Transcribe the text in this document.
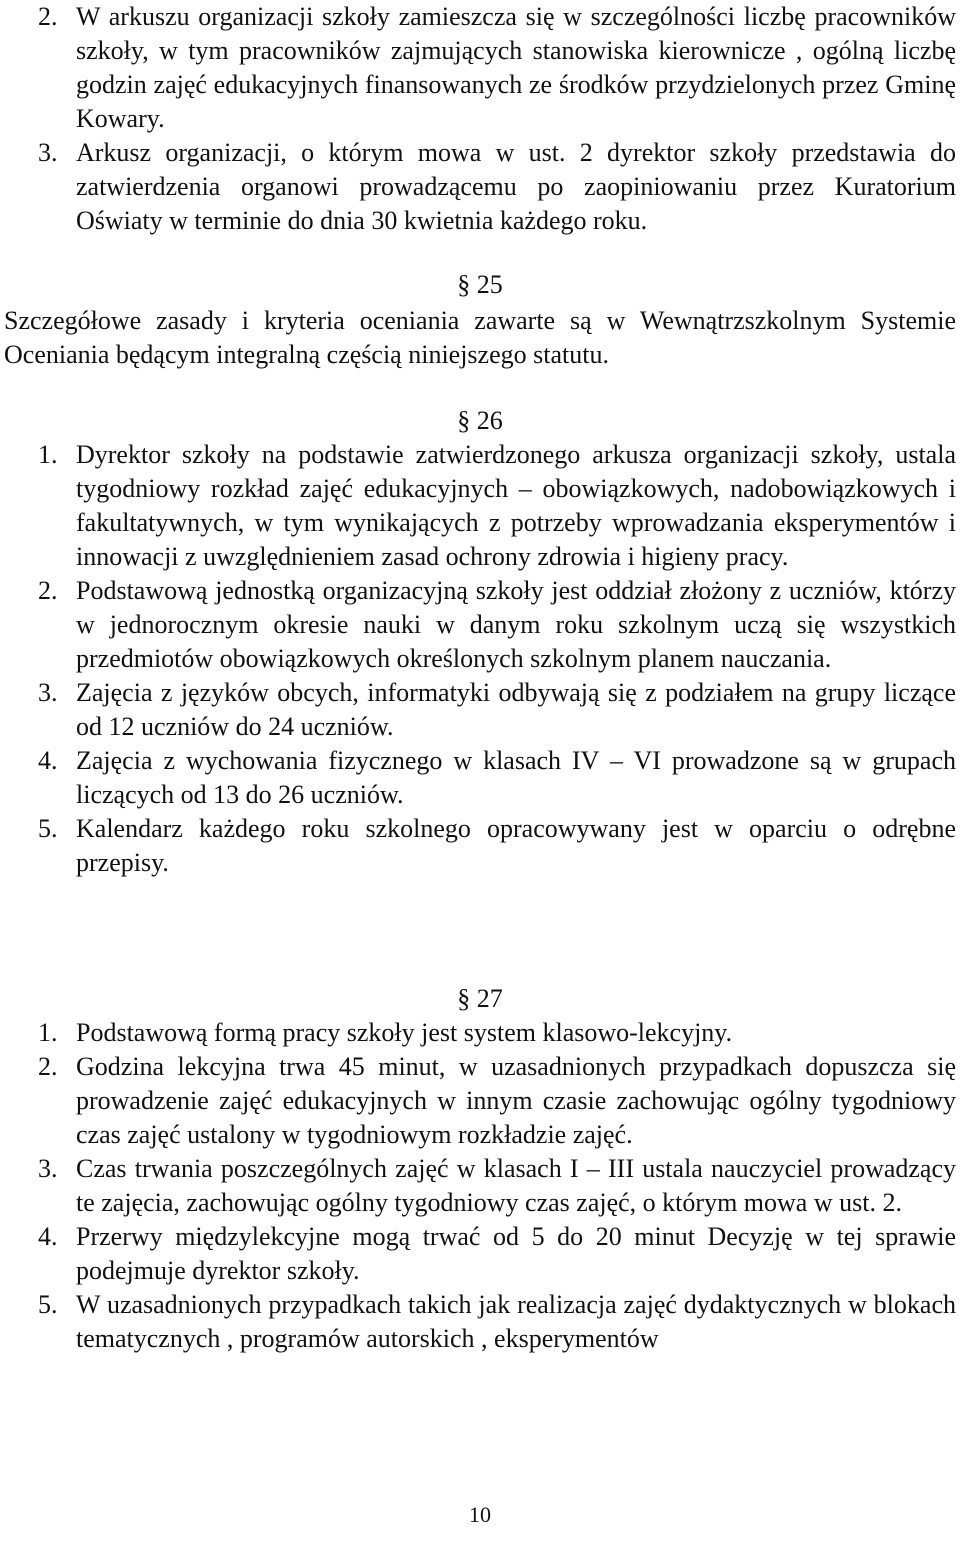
2. W arkuszu organizacji szkoły zamieszcza się w szczególności liczbę pracowników szkoły, w tym pracowników zajmujących stanowiska kierownicze , ogólną liczbę godzin zajęć edukacyjnych finansowanych ze środków przydzielonych przez Gminę Kowary.
3. Arkusz organizacji, o którym mowa w ust. 2 dyrektor szkoły przedstawia do zatwierdzenia organowi prowadzącemu po zaopiniowaniu przez Kuratorium Oświaty w terminie do dnia 30 kwietnia każdego roku.
§ 25
Szczegółowe zasady i kryteria oceniania zawarte są w Wewnątrzszkolnym Systemie Oceniania będącym integralną częścią niniejszego statutu.
§ 26
1. Dyrektor szkoły na podstawie zatwierdzonego arkusza organizacji szkoły, ustala tygodniowy rozkład zajęć edukacyjnych – obowiązkowych, nadobowiązkowych i fakultatywnych, w tym wynikających z potrzeby wprowadzania eksperymentów i innowacji z uwzględnieniem zasad ochrony zdrowia i higieny pracy.
2. Podstawową jednostką organizacyjną szkoły jest oddział złożony z uczniów, którzy w jednorocznym okresie nauki w danym roku szkolnym uczą się wszystkich przedmiotów obowiązkowych określonych szkolnym planem nauczania.
3. Zajęcia z języków obcych, informatyki odbywają się z podziałem na grupy liczące od 12 uczniów do 24 uczniów.
4. Zajęcia z wychowania fizycznego w klasach IV – VI prowadzone są w grupach liczących od 13 do 26 uczniów.
5. Kalendarz każdego roku szkolnego opracowywany jest w oparciu o odrębne przepisy.
§ 27
1. Podstawową formą pracy szkoły jest system klasowo-lekcyjny.
2. Godzina lekcyjna trwa 45 minut, w uzasadnionych przypadkach dopuszcza się prowadzenie zajęć edukacyjnych w innym czasie zachowując ogólny tygodniowy czas zajęć ustalony w tygodniowym rozkładzie zajęć.
3. Czas trwania poszczególnych zajęć w klasach I – III ustala nauczyciel prowadzący te zajęcia, zachowując ogólny tygodniowy czas zajęć, o którym mowa w ust. 2.
4. Przerwy międzylekcyjne mogą trwać od 5 do 20 minut Decyzję w tej sprawie podejmuje dyrektor szkoły.
5. W uzasadnionych przypadkach takich jak realizacja zajęć dydaktycznych w blokach tematycznych , programów autorskich , eksperymentów
10
